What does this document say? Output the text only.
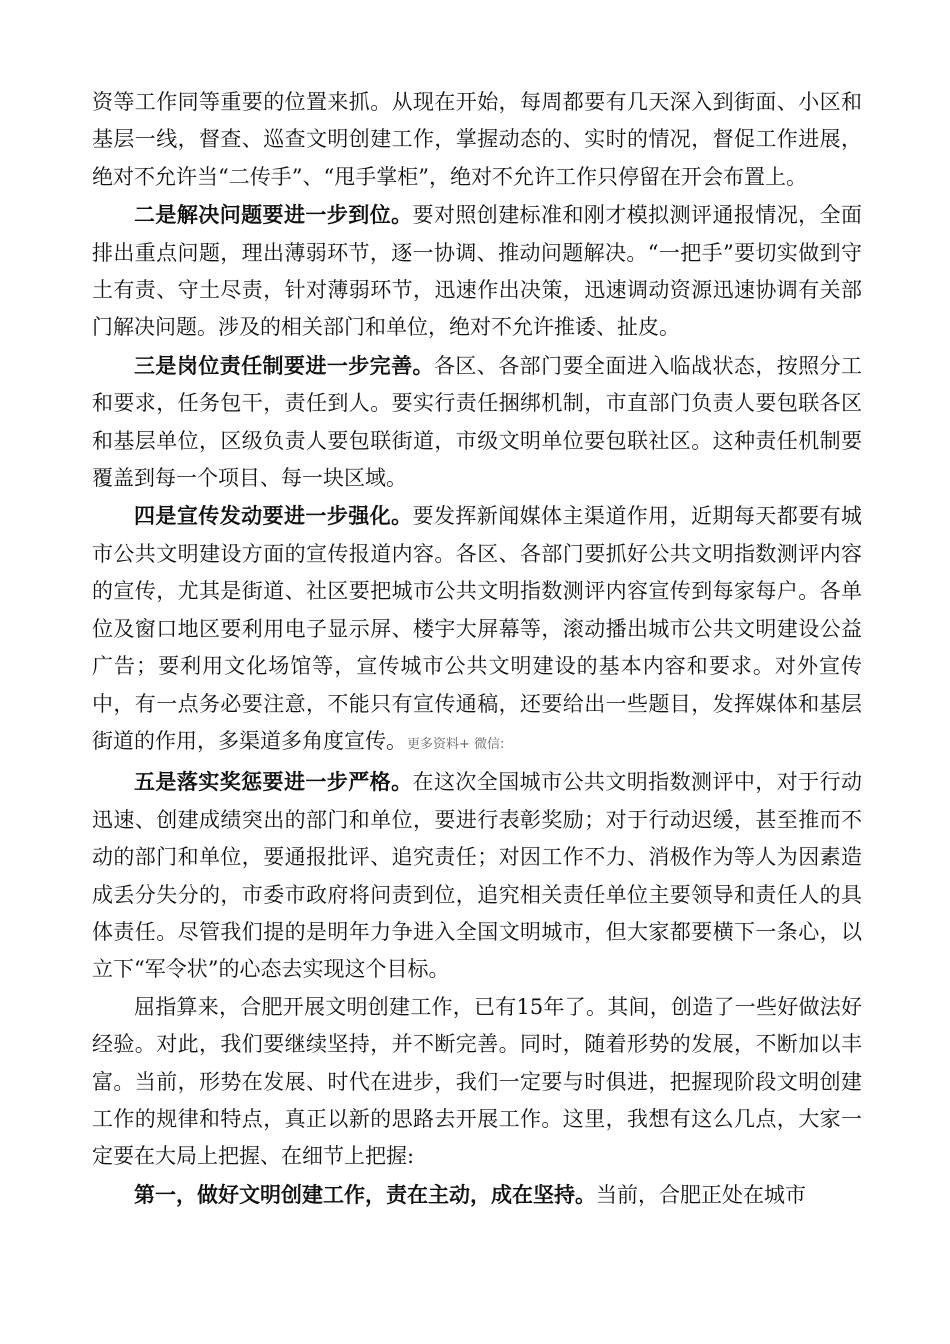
资等工作同等重要的位置来抓。从现在开始，每周都要有几天深入到街面、小区和基层一线，督查、巡查文明创建工作，掌握动态的、实时的情况，督促工作进展，绝对不允许当“二传手”、“甩手掌柜”，绝对不允许工作只停留在开会布置上。

二是解决问题要进一步到位。要对照创建标准和刚才模拟测评通报情况，全面排出重点问题，理出薄弱环节，逐一协调、推动问题解决。“一把手”要切实做到守土有责、守土尽责，针对薄弱环节，迅速作出决策，迅速调动资源迅速协调有关部门解决问题。涉及的相关部门和单位，绝对不允许推诿、扯皮。

三是岗位责任制要进一步完善。各区、各部门要全面进入临战状态，按照分工和要求，任务包干，责任到人。要实行责任捆绑机制，市直部门负责人要包联各区和基层单位，区级负责人要包联街道，市级文明单位要包联社区。这种责任机制要覆盖到每一个项目、每一块区域。

四是宣传发动要进一步强化。要发挥新闻媒体主渠道作用，近期每天都要有城市公共文明建设方面的宣传报道内容。各区、各部门要抓好公共文明指数测评内容的宣传，尤其是街道、社区要把城市公共文明指数测评内容宣传到每家每户。各单位及窗口地区要利用电子显示屏、楼宇大屏幕等，滚动播出城市公共文明建设公益广告；要利用文化场馆等，宣传城市公共文明建设的基本内容和要求。对外宣传中，有一点务必要注意，不能只有宣传通稿，还要给出一些题目，发挥媒体和基层街道的作用，多渠道多角度宣传。更多资料+ 微信:

五是落实奖惩要进一步严格。在这次全国城市公共文明指数测评中，对于行动迅速、创建成绩突出的部门和单位，要进行表彰奖励；对于行动迟缓，甚至推而不动的部门和单位，要通报批评、追究责任；对因工作不力、消极作为等人为因素造成丢分失分的，市委市政府将问责到位，追究相关责任单位主要领导和责任人的具体责任。尽管我们提的是明年力争进入全国文明城市，但大家都要横下一条心，以立下“军令状”的心态去实现这个目标。

屈指算来，合肥开展文明创建工作，已有15年了。其间，创造了一些好做法好经验。对此，我们要继续坚持，并不断完善。同时，随着形势的发展，不断加以丰富。当前，形势在发展、时代在进步，我们一定要与时俱进，把握现阶段文明创建工作的规律和特点，真正以新的思路去开展工作。这里，我想有这么几点，大家一定要在大局上把握、在细节上把握:

第一，做好文明创建工作，责在主动，成在坚持。当前，合肥正处在城市
